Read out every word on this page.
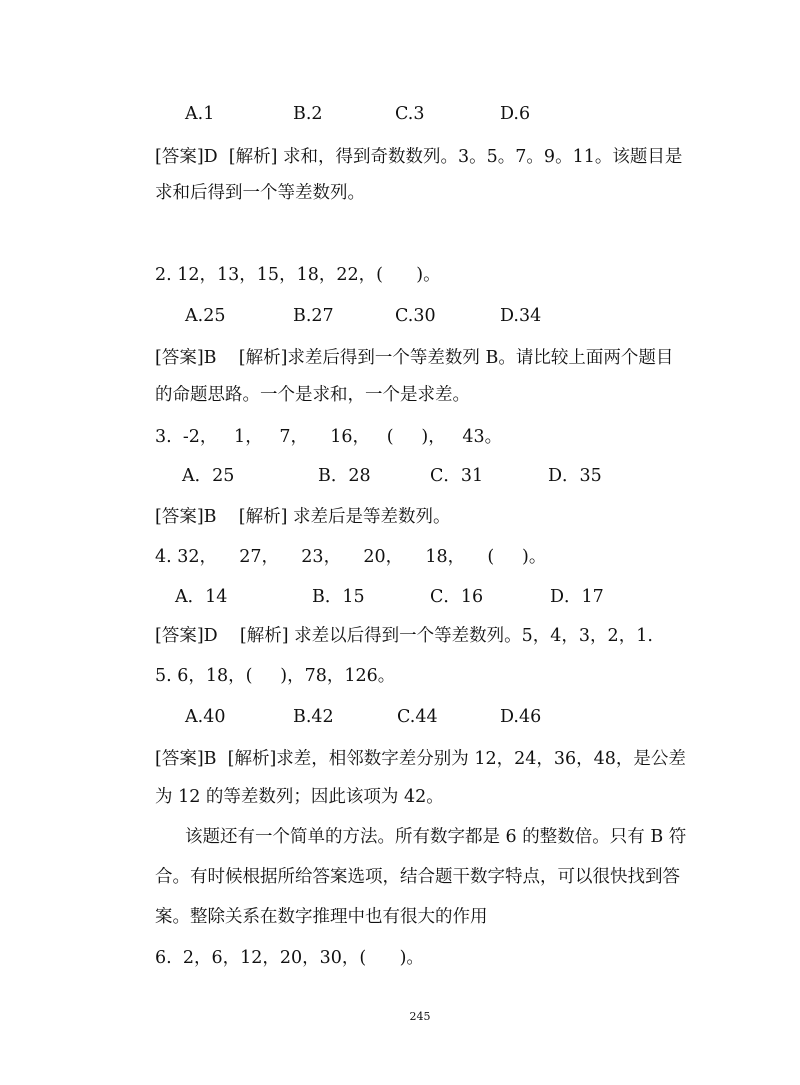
A.1	B.2	C.3	D.6
[答案]D  [解析] 求和，得到奇数数列。3。5。7。9。11。该题目是
求和后得到一个等差数列。
2. 12，13，15，18，22，(      )。
A.25	B.27	C.30	D.34
[答案]B    [解析]求差后得到一个等差数列 B。请比较上面两个题目
的命题思路。一个是求和，一个是求差。
3.  -2，   1，   7，    16，   (     )，   43。
A．25	B．28	C．31	D．35
[答案]B    [解析] 求差后是等差数列。
4. 32，    27，    23，    20，    18，    (     )。
A．14	B．15	C．16	D．17
[答案]D    [解析] 求差以后得到一个等差数列。5，4，3，2，1.
5. 6，18，(     )，78，126。
A.40	B.42	C.44	D.46
[答案]B  [解析]求差，相邻数字差分别为 12，24，36，48，是公差
为 12 的等差数列；因此该项为 42。
该题还有一个简单的方法。所有数字都是 6 的整数倍。只有 B 符
合。有时候根据所给答案选项，结合题干数字特点，可以很快找到答
案。整除关系在数字推理中也有很大的作用
6.  2，6，12，20，30，(      )。
245
